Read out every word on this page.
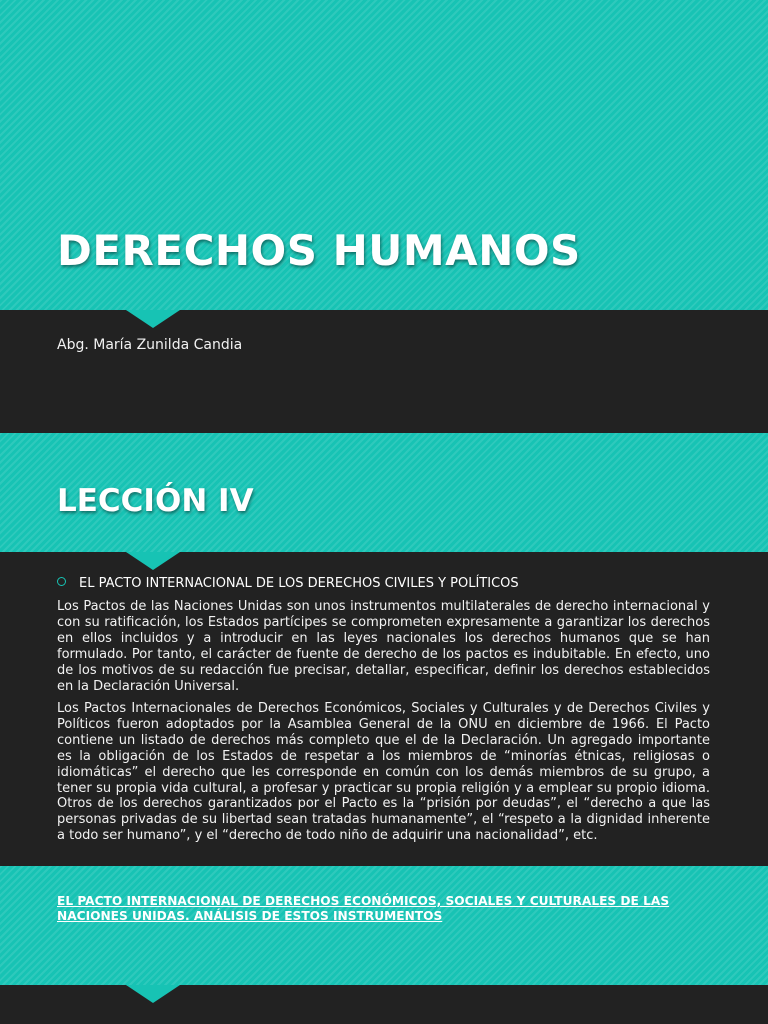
DERECHOS HUMANOS
Abg. María Zunilda Candia
LECCIÓN IV
EL PACTO INTERNACIONAL DE LOS DERECHOS CIVILES Y POLÍTICOS

Los Pactos de las Naciones Unidas son unos instrumentos multilaterales de derecho internacional y con su ratificación, los Estados partícipes se comprometen expresamente a garantizar los derechos en ellos incluidos y a introducir en las leyes nacionales los derechos humanos que se han formulado. Por tanto, el carácter de fuente de derecho de los pactos es indubitable. En efecto, uno de los motivos de su redacción fue precisar, detallar, especificar, definir los derechos establecidos en la Declaración Universal.

Los Pactos Internacionales de Derechos Económicos, Sociales y Culturales y de Derechos Civiles y Políticos fueron adoptados por la Asamblea General de la ONU en diciembre de 1966. El Pacto contiene un listado de derechos más completo que el de la Declaración. Un agregado importante es la obligación de los Estados de respetar a los miembros de “minorías étnicas, religiosas o idiomáticas” el derecho que les corresponde en común con los demás miembros de su grupo, a tener su propia vida cultural, a profesar y practicar su propia religión y a emplear su propio idioma. Otros de los derechos garantizados por el Pacto es la “prisión por deudas”, el “derecho a que las personas privadas de su libertad sean tratadas humanamente”, el “respeto a la dignidad inherente a todo ser humano”, y el “derecho de todo niño de adquirir una nacionalidad”, etc.

EL PACTO INTERNACIONAL DE DERECHOS ECONÓMICOS, SOCIALES Y CULTURALES DE LAS NACIONES UNIDAS. ANÁLISIS DE ESTOS INSTRUMENTOS
